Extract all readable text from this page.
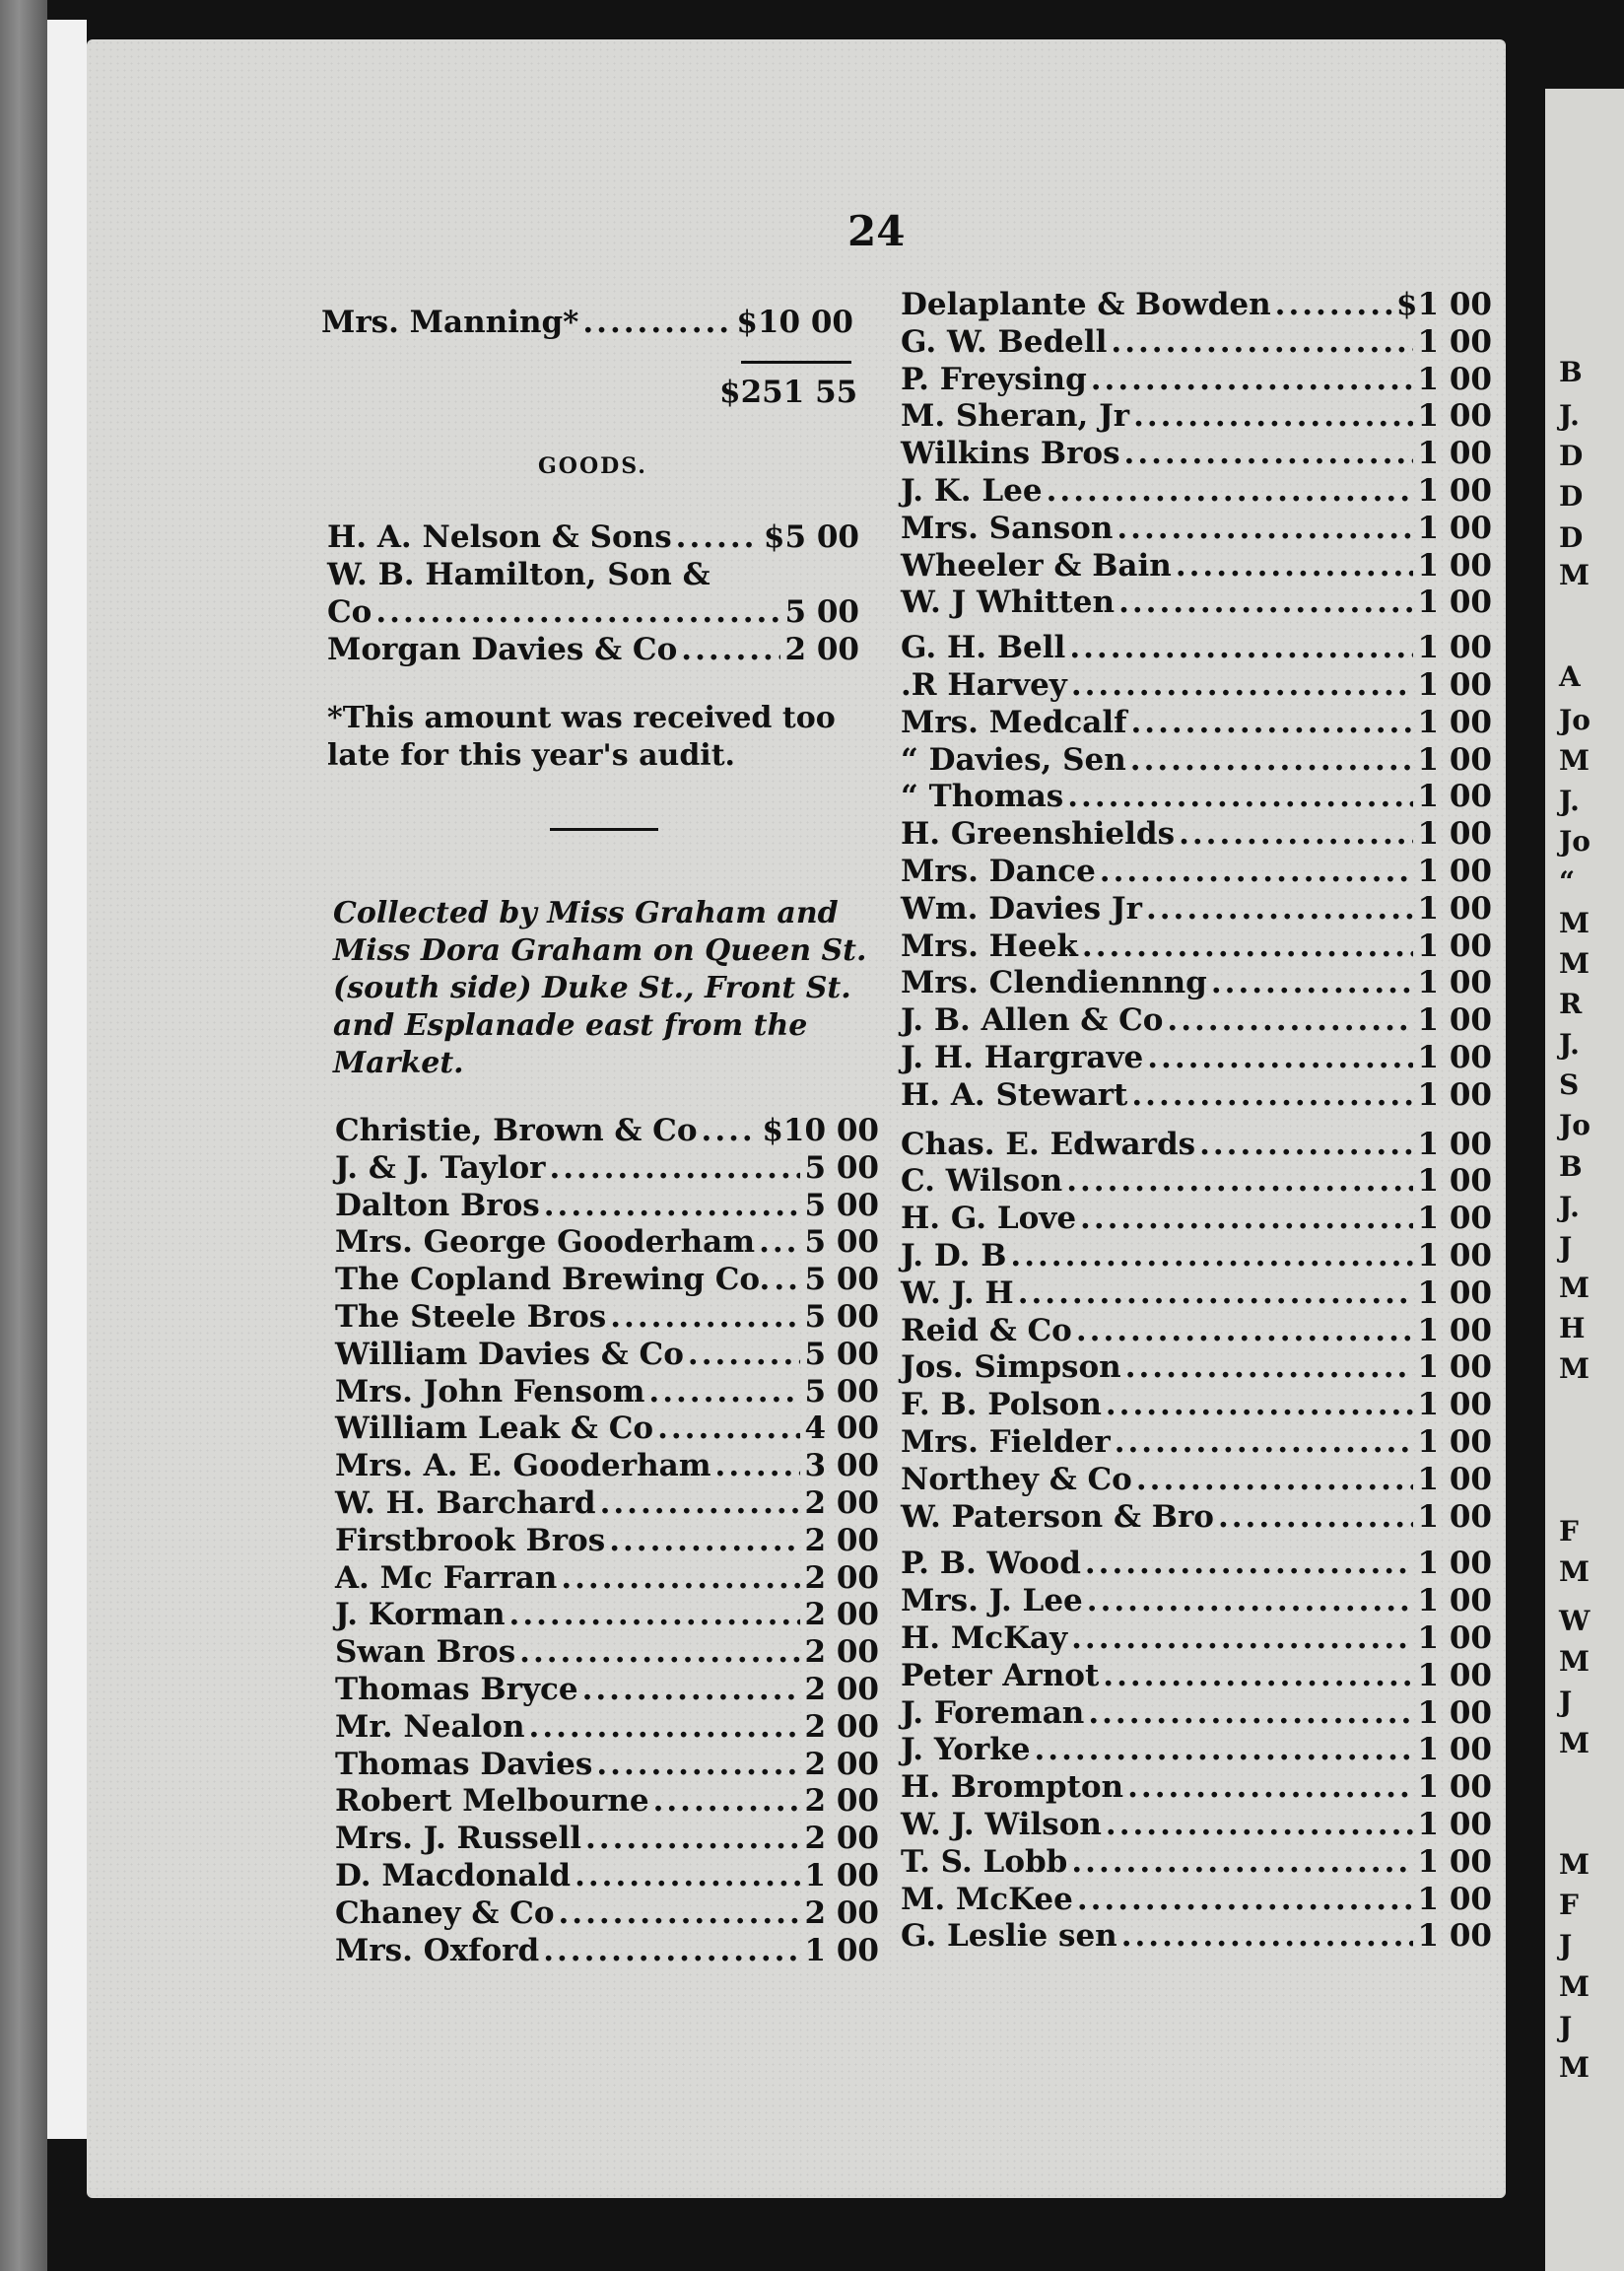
24
Mrs. Manning* .....	$10 00
$251 55
GOODS.
H. A. Nelson & Sons .....	$5 00
W. B. Hamilton, Son &
Co .....	5 00
Morgan Davies & Co .....	2 00
*This amount was received too late for this year's audit.
Collected by Miss Graham and Miss Dora Graham on Queen St. (south side) Duke St., Front St. and Esplanade east from the Market.
Christie, Brown & Co ..... $10 00
J. & J. Taylor .....	5 00
Dalton Bros .....	5 00
Mrs. George Gooderham ..... 5 00
The Copland Brewing Co. ..... 5 00
The Steele Bros .....	5 00
William Davies & Co .....	5 00
Mrs. John Fensom .....	5 00
William Leak & Co .....	4 00
Mrs. A. E. Gooderham .....	3 00
W. H. Barchard .....	2 00
Firstbrook Bros .....	2 00
A. Mc Farran .....	2 00
J. Korman .....	2 00
Swan Bros .....	2 00
Thomas Bryce .....	2 00
Mr. Nealon .....	2 00
Thomas Davies .....	2 00
Robert Melbourne .....	2 00
Mrs. J. Russell .....	2 00
D. Macdonald .....	1 00
Chaney & Co .....	2 00
Mrs. Oxford .....	1 00
Delaplante & Bowden .....	$1 00
G. W. Bedell .....	1 00
P. Freysing .....	1 00
M. Sheran, Jr .....	1 00
Wilkins Bros .....	1 00
J. K. Lee .....	1 00
Mrs. Sanson .....	1 00
Wheeler & Bain .....	1 00
W. J Whitten .....	1 00
G. H. Bell .....	1 00
.R Harvey .....	1 00
Mrs. Medcalf .....	1 00
“ Davies, Sen .....	1 00
“ Thomas .....	1 00
H. Greenshields .....	1 00
Mrs. Dance .....	1 00
Wm. Davies Jr .....	1 00
Mrs. Heek .....	1 00
Mrs. Clendiennng .....	1 00
J. B. Allen & Co .....	1 00
J. H. Hargrave .....	1 00
H. A. Stewart .....	1 00
Chas. E. Edwards .....	1 00
C. Wilson .....	1 00
H. G. Love .....	1 00
J. D. B .....	1 00
W. J. H .....	1 00
Reid & Co .....	1 00
Jos. Simpson .....	1 00
F. B. Polson .....	1 00
Mrs. Fielder .....	1 00
Northey & Co .....	1 00
W. Paterson & Bro .....	1 00
P. B. Wood .....	1 00
Mrs. J. Lee .....	1 00
H. McKay .....	1 00
Peter Arnot .....	1 00
J. Foreman .....	1 00
J. Yorke .....	1 00
H. Brompton .....	1 00
W. J. Wilson .....	1 00
T. S. Lobb .....	1 00
M. McKee .....	1 00
G. Leslie sen .....	1 00
B
J.
D
D
D
M
A
Jo
M
J.
Jo
“
M
M
R
J.
S
Jo
B
J.
J
M
H
M
F
M
W
M
J
M
M
F
J
M
J
M
